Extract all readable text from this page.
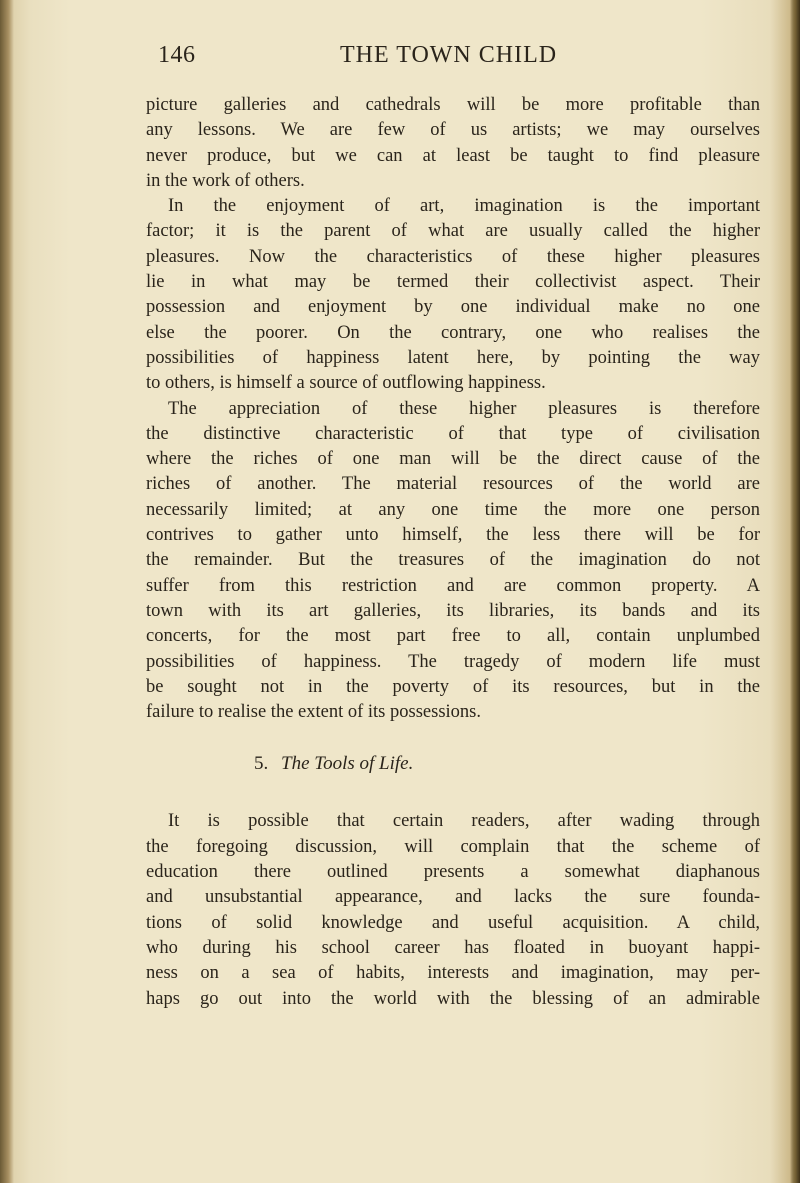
146	THE TOWN CHILD
picture galleries and cathedrals will be more profitable than
any lessons. We are few of us artists; we may ourselves
never produce, but we can at least be taught to find pleasure
in the work of others.
In the enjoyment of art, imagination is the important
factor; it is the parent of what are usually called the higher
pleasures. Now the characteristics of these higher pleasures
lie in what may be termed their collectivist aspect. Their
possession and enjoyment by one individual make no one
else the poorer. On the contrary, one who realises the
possibilities of happiness latent here, by pointing the way
to others, is himself a source of outflowing happiness.
The appreciation of these higher pleasures is therefore
the distinctive characteristic of that type of civilisation
where the riches of one man will be the direct cause of the
riches of another. The material resources of the world are
necessarily limited; at any one time the more one person
contrives to gather unto himself, the less there will be for
the remainder. But the treasures of the imagination do not
suffer from this restriction and are common property. A
town with its art galleries, its libraries, its bands and its
concerts, for the most part free to all, contain unplumbed
possibilities of happiness. The tragedy of modern life must
be sought not in the poverty of its resources, but in the
failure to realise the extent of its possessions.
5. The Tools of Life.
It is possible that certain readers, after wading through
the foregoing discussion, will complain that the scheme of
education there outlined presents a somewhat diaphanous
and unsubstantial appearance, and lacks the sure founda-
tions of solid knowledge and useful acquisition. A child,
who during his school career has floated in buoyant happi-
ness on a sea of habits, interests and imagination, may per-
haps go out into the world with the blessing of an admirable
